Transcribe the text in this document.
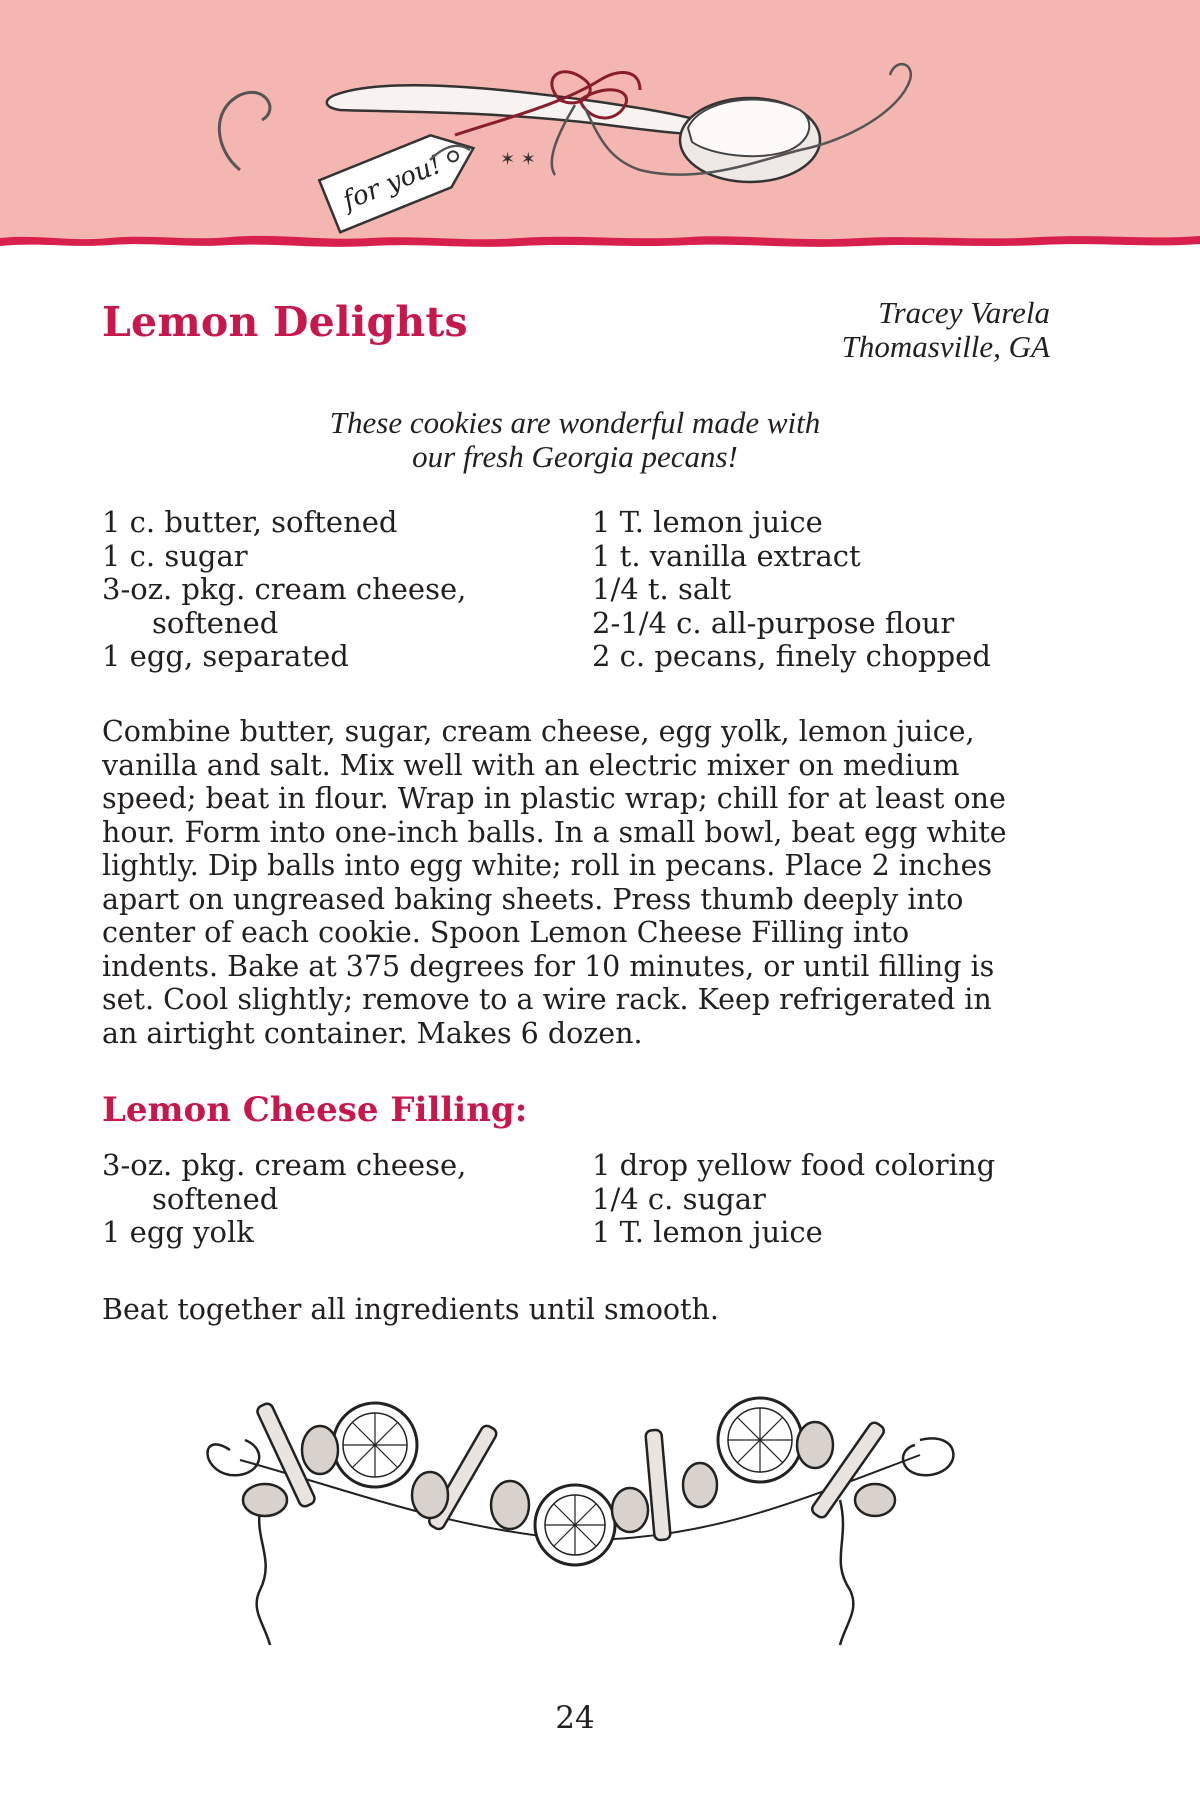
✶ ✶
for you!
Lemon Delights	Tracey Varela
Thomasville, GA
These cookies are wonderful made with
our fresh Georgia pecans!
1 c. butter, softened
1 c. sugar
3-oz. pkg. cream cheese,
softened
1 egg, separated
1 T. lemon juice
1 t. vanilla extract
1/4 t. salt
2-1/4 c. all-purpose flour
2 c. pecans, finely chopped

Combine butter, sugar, cream cheese, egg yolk, lemon juice, vanilla and salt. Mix well with an electric mixer on medium speed; beat in flour. Wrap in plastic wrap; chill for at least one hour. Form into one-inch balls. In a small bowl, beat egg white lightly. Dip balls into egg white; roll in pecans. Place 2 inches apart on ungreased baking sheets. Press thumb deeply into center of each cookie. Spoon Lemon Cheese Filling into indents. Bake at 375 degrees for 10 minutes, or until filling is set. Cool slightly; remove to a wire rack. Keep refrigerated in an airtight container. Makes 6 dozen.

Lemon Cheese Filling:
3-oz. pkg. cream cheese,
softened
1 egg yolk
1 drop yellow food coloring
1/4 c. sugar
1 T. lemon juice

Beat together all ingredients until smooth.

24
